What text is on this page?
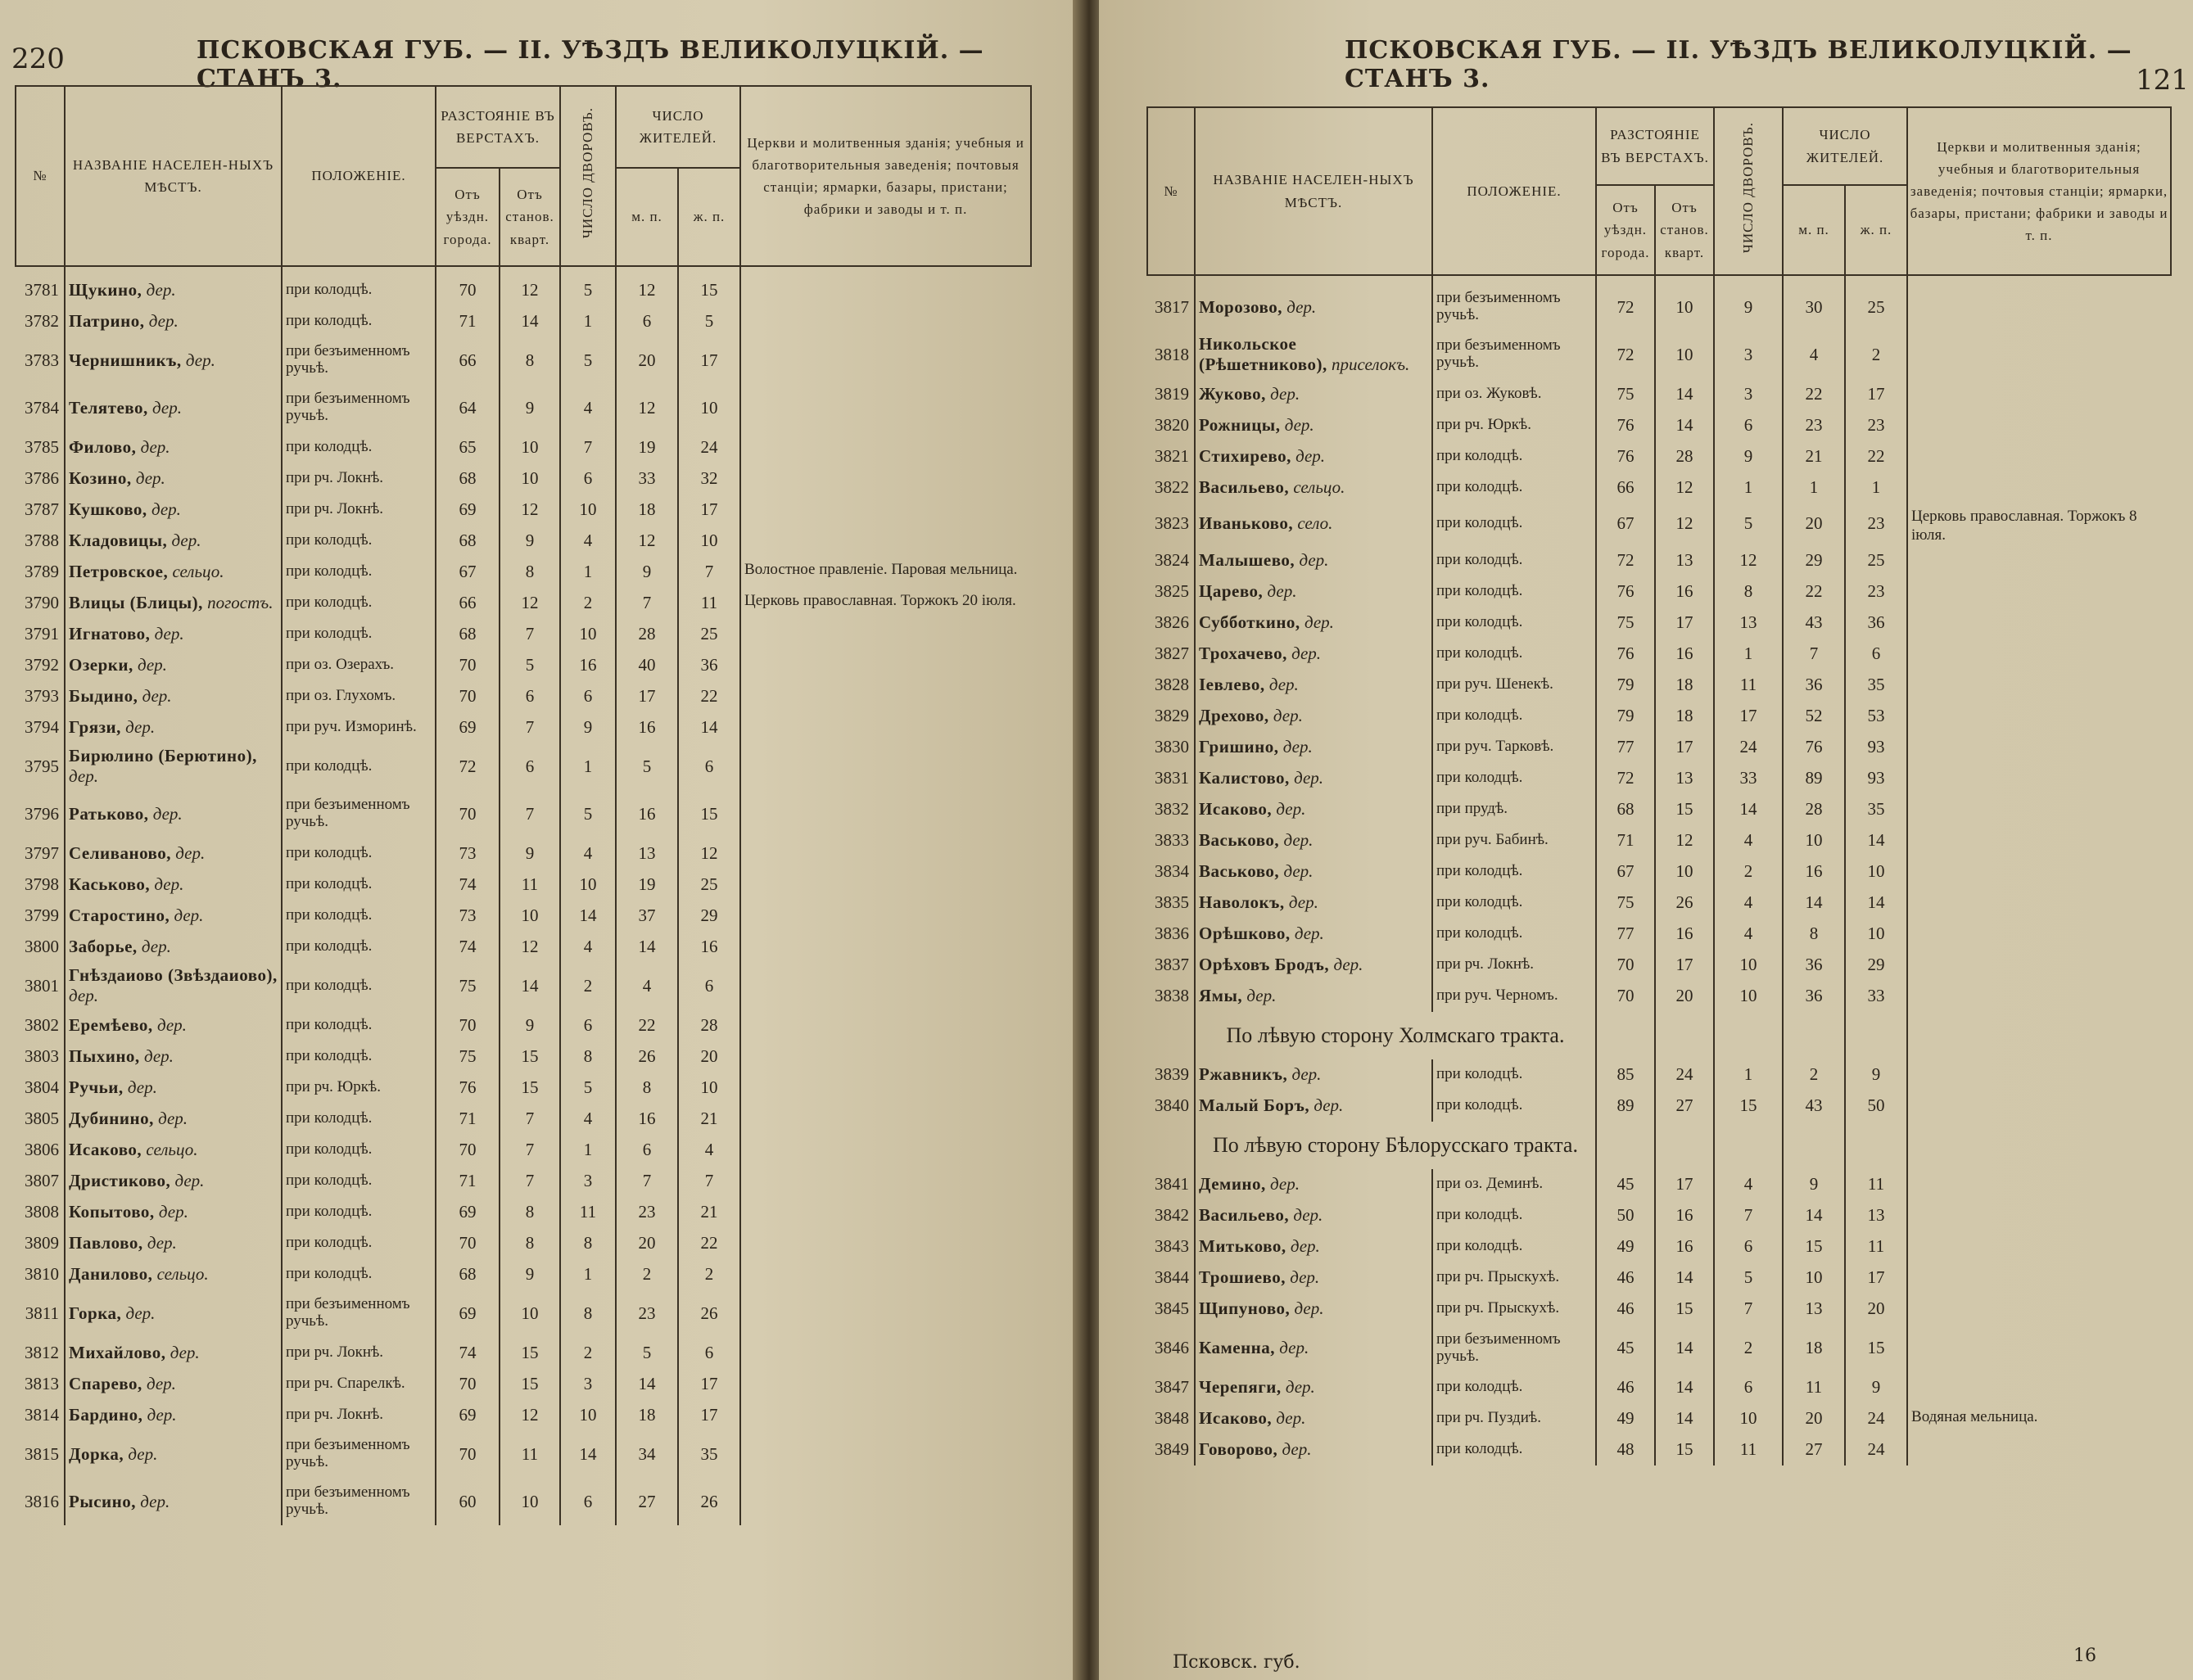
220	ПСКОВСКАЯ ГУБ. — II. УѢЗДЪ ВЕЛИКОЛУЦКІЙ. — СТАНЪ 3.
№	НАЗВАНІЕ НАСЕЛЕН-НЫХЪ МѢСТЪ.	ПОЛОЖЕНІЕ.	РАЗСТОЯНІЕ ВЪ ВЕРСТАХЪ.		ЧИСЛО ДВОРОВЪ.	ЧИСЛО ЖИТЕЛЕЙ.		Церкви и молитвенныя зданія; учебныя и благотворительныя заведенія; почтовыя станціи; ярмарки, базары, пристани; фабрики и заводы и т. п.
			Отъ уѣздн. города.	Отъ станов. кварт.		м. п.	ж. п.	

3781	Щукино, дер.	при колодцѣ.	70	12	5	12	15	
3782	Патрино, дер.	при колодцѣ.	71	14	1	6	5	
3783	Чернишникъ, дер.	при безъименномъ ручьѣ.	66	8	5	20	17	
3784	Телятево, дер.	при безъименномъ ручьѣ.	64	9	4	12	10	
3785	Филово, дер.	при колодцѣ.	65	10	7	19	24	
3786	Козино, дер.	при рч. Локнѣ.	68	10	6	33	32	
3787	Кушково, дер.	при рч. Локнѣ.	69	12	10	18	17	
3788	Кладовицы, дер.	при колодцѣ.	68	9	4	12	10	
3789	Петровское, сельцо.	при колодцѣ.	67	8	1	9	7	Волостное правленіе. Паровая мельница.
3790	Влицы (Блицы), погостъ.	при колодцѣ.	66	12	2	7	11	Церковь православная. Торжокъ 20 іюля.
3791	Игнатово, дер.	при колодцѣ.	68	7	10	28	25	
3792	Озерки, дер.	при оз. Озерахъ.	70	5	16	40	36	
3793	Быдино, дер.	при оз. Глухомъ.	70	6	6	17	22	
3794	Грязи, дер.	при руч. Изморинѣ.	69	7	9	16	14	
3795	Бирюлино (Берютино), дер.	при колодцѣ.	72	6	1	5	6	
3796	Ратьково, дер.	при безъименномъ ручьѣ.	70	7	5	16	15	
3797	Селиваново, дер.	при колодцѣ.	73	9	4	13	12	
3798	Каськово, дер.	при колодцѣ.	74	11	10	19	25	
3799	Старостино, дер.	при колодцѣ.	73	10	14	37	29	
3800	Заборье, дер.	при колодцѣ.	74	12	4	14	16	
3801	Гнѣздаиово (Звѣздаиово), дер.	при колодцѣ.	75	14	2	4	6	
3802	Еремѣево, дер.	при колодцѣ.	70	9	6	22	28	
3803	Пыхино, дер.	при колодцѣ.	75	15	8	26	20	
3804	Ручьи, дер.	при рч. Юркѣ.	76	15	5	8	10	
3805	Дубинино, дер.	при колодцѣ.	71	7	4	16	21	
3806	Исаково, сельцо.	при колодцѣ.	70	7	1	6	4	
3807	Дристиково, дер.	при колодцѣ.	71	7	3	7	7	
3808	Копытово, дер.	при колодцѣ.	69	8	11	23	21	
3809	Павлово, дер.	при колодцѣ.	70	8	8	20	22	
3810	Данилово, сельцо.	при колодцѣ.	68	9	1	2	2	
3811	Горка, дер.	при безъименномъ ручьѣ.	69	10	8	23	26	
3812	Михайлово, дер.	при рч. Локнѣ.	74	15	2	5	6	
3813	Спарево, дер.	при рч. Спарелкѣ.	70	15	3	14	17	
3814	Бардино, дер.	при рч. Локнѣ.	69	12	10	18	17	
3815	Дорка, дер.	при безъименномъ ручьѣ.	70	11	14	34	35	
3816	Рысино, дер.	при безъименномъ ручьѣ.	60	10	6	27	26	
ПСКОВСКАЯ ГУБ. — II. УѢЗДЪ ВЕЛИКОЛУЦКІЙ. — СТАНЪ 3.	121
№	НАЗВАНІЕ НАСЕЛЕН-НЫХЪ МѢСТЪ.	ПОЛОЖЕНІЕ.	РАЗСТОЯНІЕ ВЪ ВЕРСТАХЪ.		ЧИСЛО ДВОРОВЪ.	ЧИСЛО ЖИТЕЛЕЙ.		Церкви и молитвенныя зданія; учебныя и благотворительныя заведенія; почтовыя станціи; ярмарки, базары, пристани; фабрики и заводы и т. п.
			Отъ уѣздн. города.	Отъ станов. кварт.		м. п.	ж. п.	

3817	Морозово, дер.	при безъименномъ ручьѣ.	72	10	9	30	25	
3818	Никольское (Рѣшетниково), приселокъ.	при безъименномъ ручьѣ.	72	10	3	4	2	
3819	Жуково, дер.	при оз. Жуковѣ.	75	14	3	22	17	
3820	Рожницы, дер.	при рч. Юркѣ.	76	14	6	23	23	
3821	Стихирево, дер.	при колодцѣ.	76	28	9	21	22	
3822	Васильево, сельцо.	при колодцѣ.	66	12	1	1	1	
3823	Иваньково, село.	при колодцѣ.	67	12	5	20	23	Церковь православная. Торжокъ 8 іюля.
3824	Малышево, дер.	при колодцѣ.	72	13	12	29	25	
3825	Царево, дер.	при колодцѣ.	76	16	8	22	23	
3826	Субботкино, дер.	при колодцѣ.	75	17	13	43	36	
3827	Трохачево, дер.	при колодцѣ.	76	16	1	7	6	
3828	Іевлево, дер.	при руч. Шенекѣ.	79	18	11	36	35	
3829	Дрехово, дер.	при колодцѣ.	79	18	17	52	53	
3830	Гришино, дер.	при руч. Тарковѣ.	77	17	24	76	93	
3831	Калистово, дер.	при колодцѣ.	72	13	33	89	93	
3832	Исаково, дер.	при прудѣ.	68	15	14	28	35	
3833	Васьково, дер.	при руч. Бабинѣ.	71	12	4	10	14	
3834	Васьково, дер.	при колодцѣ.	67	10	2	16	10	
3835	Наволокъ, дер.	при колодцѣ.	75	26	4	14	14	
3836	Орѣшково, дер.	при колодцѣ.	77	16	4	8	10	
3837	Орѣховъ Бродъ, дер.	при рч. Локнѣ.	70	17	10	36	29	
3838	Ямы, дер.	при руч. Черномъ.	70	20	10	36	33	
	По лѣвую сторону Холмскаго тракта.							
3839	Ржавникъ, дер.	при колодцѣ.	85	24	1	2	9	
3840	Малый Боръ, дер.	при колодцѣ.	89	27	15	43	50	
	По лѣвую сторону Бѣлорусскаго тракта.							
3841	Демино, дер.	при оз. Деминѣ.	45	17	4	9	11	
3842	Васильево, дер.	при колодцѣ.	50	16	7	14	13	
3843	Митьково, дер.	при колодцѣ.	49	16	6	15	11	
3844	Трошиево, дер.	при рч. Прыскухѣ.	46	14	5	10	17	
3845	Щипуново, дер.	при рч. Прыскухѣ.	46	15	7	13	20	
3846	Каменна, дер.	при безъименномъ ручьѣ.	45	14	2	18	15	
3847	Черепяги, дер.	при колодцѣ.	46	14	6	11	9	
3848	Исаково, дер.	при рч. Пуздиѣ.	49	14	10	20	24	Водяная мельница.
3849	Говорово, дер.	при колодцѣ.	48	15	11	27	24	
Псковск. губ.	16
